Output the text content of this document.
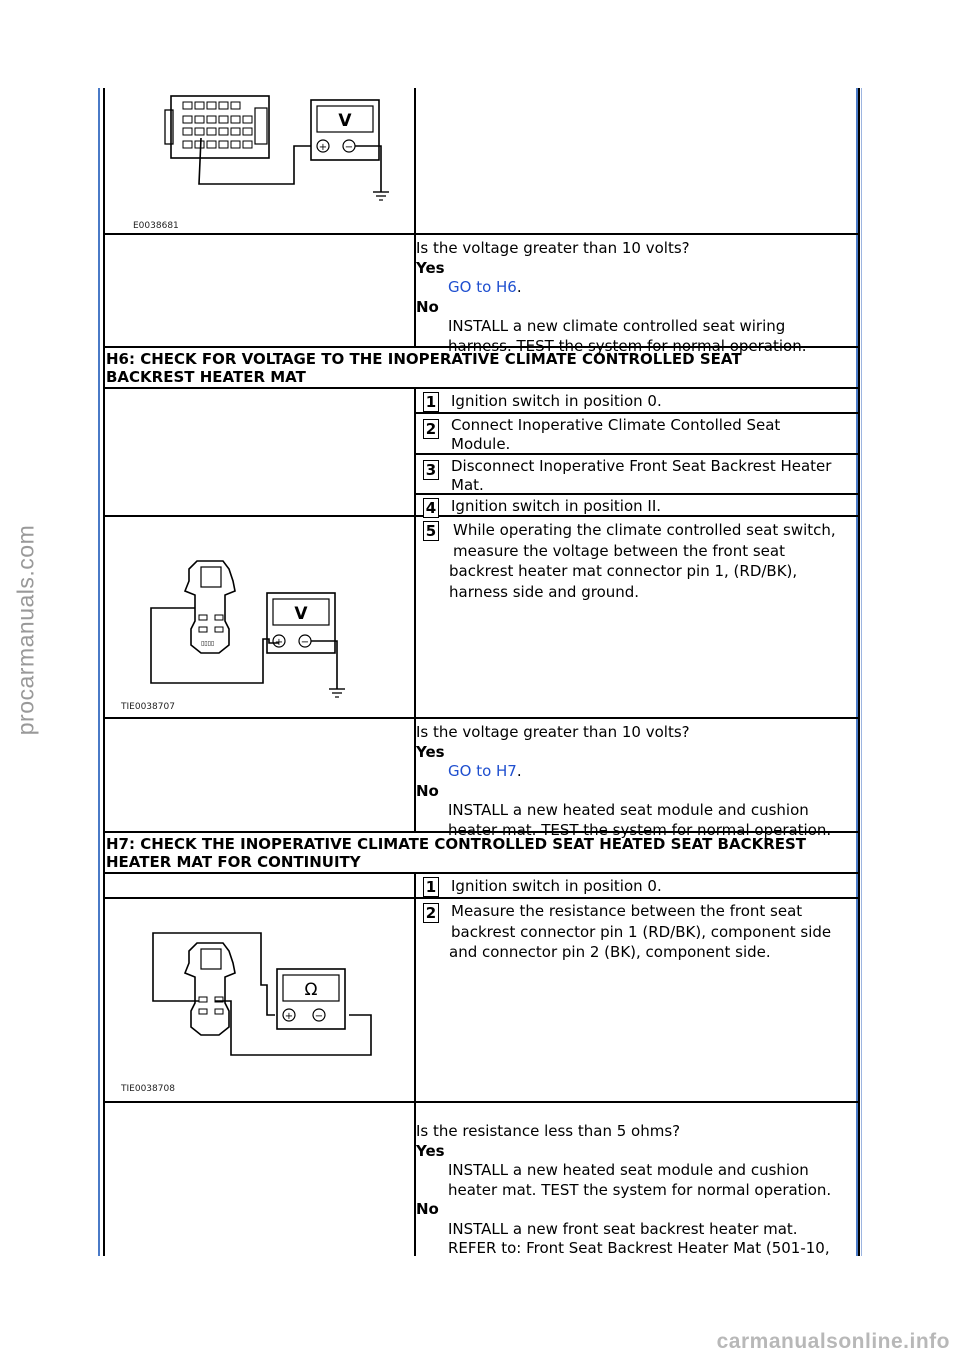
procarmanuals.com
V
+ −
E0038681
Is the voltage greater than 10 volts?
Yes
GO to H6.
No
INSTALL a new climate controlled seat wiring
harness. TEST the system for normal operation.
H6: CHECK FOR VOLTAGE TO THE INOPERATIVE CLIMATE CONTROLLED SEAT
BACKREST HEATER MAT
1 Ignition switch in position 0.
2 Connect Inoperative Climate Contolled Seat
Module.
3 Disconnect Inoperative Front Seat Backrest Heater
Mat.
4 Ignition switch in position II.
▯▯▯▯
V
+ −
TIE0038707
5 While operating the climate controlled seat switch,
measure the voltage between the front seat
backrest heater mat connector pin 1, (RD/BK),
harness side and ground.
Is the voltage greater than 10 volts?
Yes
GO to H7.
No
INSTALL a new heated seat module and cushion
heater mat. TEST the system for normal operation.
H7: CHECK THE INOPERATIVE CLIMATE CONTROLLED SEAT HEATED SEAT BACKREST
HEATER MAT FOR CONTINUITY
1 Ignition switch in position 0.
Ω
+ −
TIE0038708
2 Measure the resistance between the front seat
backrest connector pin 1 (RD/BK), component side
and connector pin 2 (BK), component side.
Is the resistance less than 5 ohms?
Yes
INSTALL a new heated seat module and cushion
heater mat. TEST the system for normal operation.
No
INSTALL a new front seat backrest heater mat.
REFER to: Front Seat Backrest Heater Mat (501-10,
carmanualsonline.info
